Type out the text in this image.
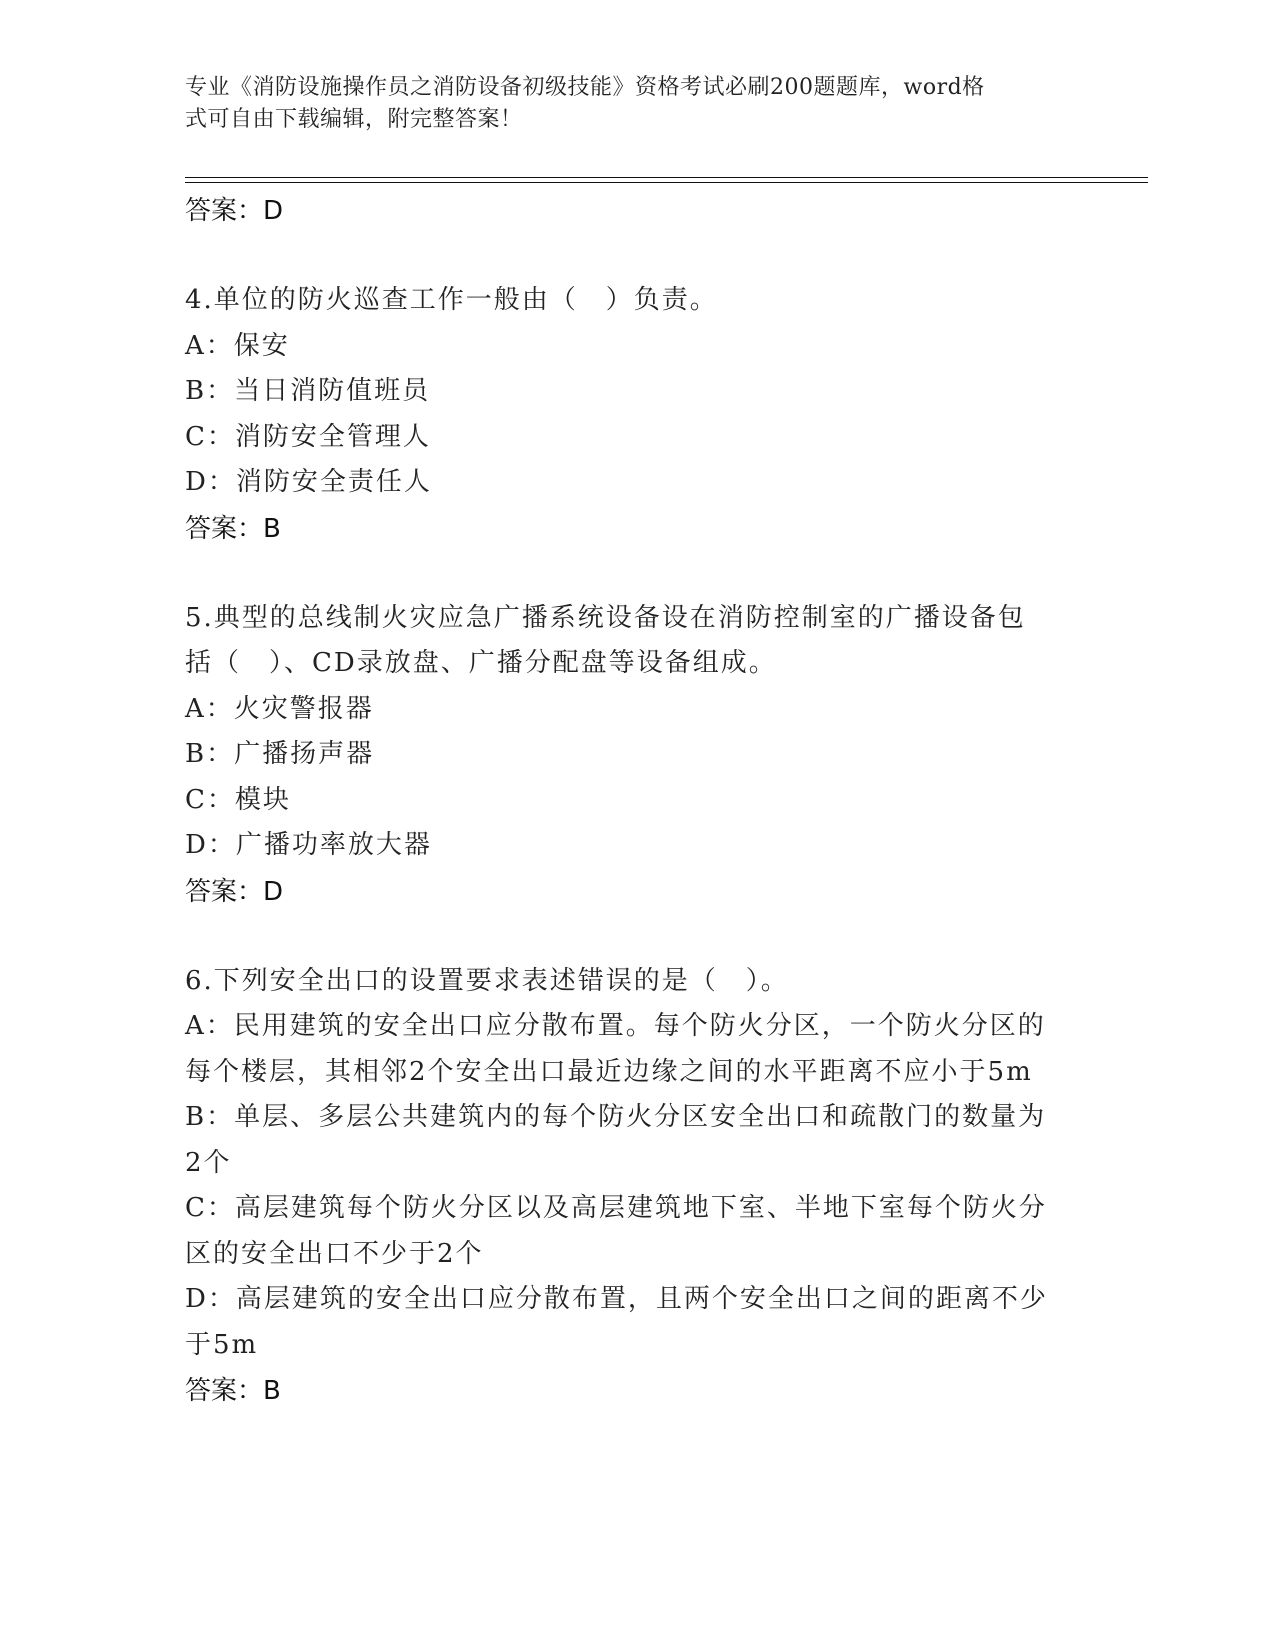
专业《消防设施操作员之消防设备初级技能》资格考试必刷200题题库，word格
式可自由下载编辑，附完整答案！
答案：D
4.单位的防火巡查工作一般由（　）负责。
A：保安
B：当日消防值班员
C：消防安全管理人
D：消防安全责任人
答案：B
5.典型的总线制火灾应急广播系统设备设在消防控制室的广播设备包
括（　）、CD录放盘、广播分配盘等设备组成。
A：火灾警报器
B：广播扬声器
C：模块
D：广播功率放大器
答案：D
6.下列安全出口的设置要求表述错误的是（　）。
A：民用建筑的安全出口应分散布置。每个防火分区，一个防火分区的
每个楼层，其相邻2个安全出口最近边缘之间的水平距离不应小于5m
B：单层、多层公共建筑内的每个防火分区安全出口和疏散门的数量为
2个
C：高层建筑每个防火分区以及高层建筑地下室、半地下室每个防火分
区的安全出口不少于2个
D：高层建筑的安全出口应分散布置，且两个安全出口之间的距离不少
于5m
答案：B
